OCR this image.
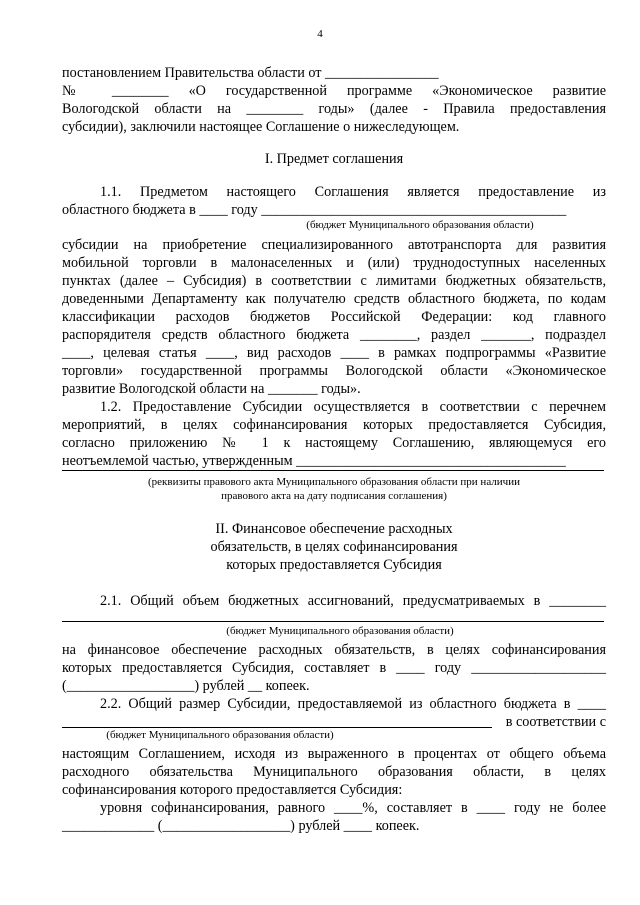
4
постановлением Правительства области от ________________
№ ________ «О государственной программе «Экономическое развитие
Вологодской области на ________ годы» (далее - Правила предоставления
субсидии), заключили настоящее Соглашение о нижеследующем.
I. Предмет соглашения
1.1. Предметом настоящего Соглашения является предоставление из
областного бюджета в ____ году ___________________________________________
(бюджет Муниципального образования области)
субсидии на приобретение специализированного автотранспорта для развития
мобильной торговли в малонаселенных и (или) труднодоступных населенных
пунктах (далее – Субсидия) в соответствии с лимитами бюджетных обязательств,
доведенными Департаменту как получателю средств областного бюджета, по кодам
классификации расходов бюджетов Российской Федерации: код главного
распорядителя средств областного бюджета ________, раздел _______, подраздел
____, целевая статья ____, вид расходов ____ в рамках подпрограммы «Развитие
торговли» государственной программы Вологодской области «Экономическое
развитие Вологодской области на _______ годы».
1.2. Предоставление Субсидии осуществляется в соответствии с перечнем
мероприятий, в целях софинансирования которых предоставляется Субсидия,
согласно приложению № 1 к настоящему Соглашению, являющемуся его
неотъемлемой частью, утвержденным ______________________________________
(реквизиты правового акта Муниципального образования области при наличии
правового акта на дату подписания соглашения)
II. Финансовое обеспечение расходных
обязательств, в целях софинансирования
которых предоставляется Субсидия
2.1. Общий объем бюджетных ассигнований, предусматриваемых в ________
(бюджет Муниципального образования области)
на финансовое обеспечение расходных обязательств, в целях софинансирования
которых предоставляется Субсидия, составляет в ____ году ___________________
(__________________) рублей __ копеек.
2.2. Общий размер Субсидии, предоставляемой из областного бюджета в ____
в соответствии с
(бюджет Муниципального образования области)
настоящим Соглашением, исходя из выраженного в процентах от общего объема
расходного обязательства Муниципального образования области, в целях
софинансирования которого предоставляется Субсидия:
уровня софинансирования, равного ____%, составляет в ____ году не более
_____________ (__________________) рублей ____ копеек.
